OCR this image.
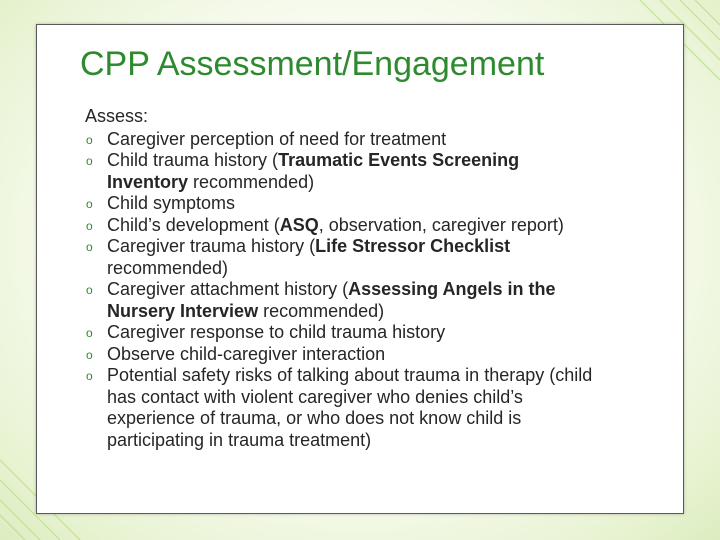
CPP Assessment/Engagement
Assess:
o Caregiver perception of need for treatment
o Child trauma history (Traumatic Events Screening Inventory recommended)
o Child symptoms
o Child’s development (ASQ, observation, caregiver report)
o Caregiver trauma history (Life Stressor Checklist recommended)
o Caregiver attachment history (Assessing Angels in the Nursery Interview recommended)
o Caregiver response to child trauma history
o Observe child-caregiver interaction
o Potential safety risks of talking about trauma in therapy (child has contact with violent caregiver who denies child’s experience of trauma, or who does not know child is participating in trauma treatment)
